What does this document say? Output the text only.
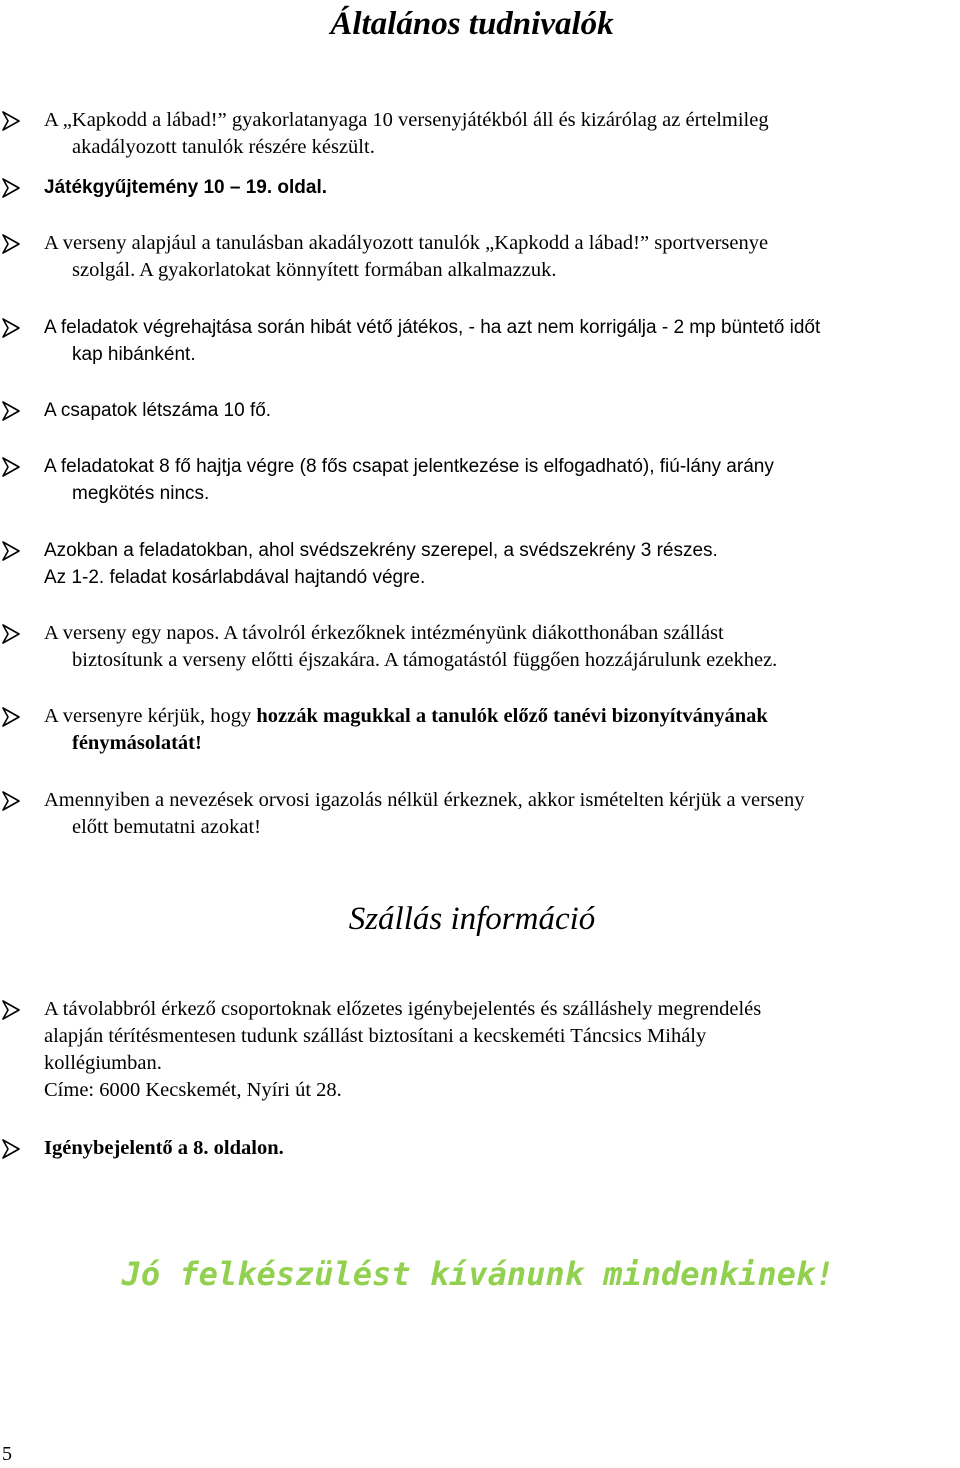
Általános tudnivalók

A „Kapkodd a lábad!” gyakorlatanyaga 10 versenyjátékból áll és kizárólag az értelmileg
akadályozott tanulók részére készült.

Játékgyűjtemény 10 – 19. oldal.

A verseny alapjául a tanulásban akadályozott tanulók „Kapkodd a lábad!” sportversenye
szolgál. A gyakorlatokat könnyített formában alkalmazzuk.

A feladatok végrehajtása során hibát vétő játékos, - ha azt nem korrigálja - 2 mp büntető időt
kap hibánként.

A csapatok létszáma 10 fő.

A feladatokat 8 fő hajtja végre (8 fős csapat jelentkezése is elfogadható), fiú-lány arány
megkötés nincs.

Azokban a feladatokban, ahol svédszekrény szerepel, a svédszekrény 3 részes.
Az 1-2. feladat kosárlabdával hajtandó végre.

A verseny egy napos. A távolról érkezőknek intézményünk diákotthonában szállást
biztosítunk a verseny előtti éjszakára. A támogatástól függően hozzájárulunk ezekhez.

A versenyre kérjük, hogy hozzák magukkal a tanulók előző tanévi bizonyítványának
fénymásolatát!

Amennyiben a nevezések orvosi igazolás nélkül érkeznek, akkor ismételten kérjük a verseny
előtt bemutatni azokat!

Szállás információ

A távolabbról érkező csoportoknak előzetes igénybejelentés és szálláshely megrendelés
alapján térítésmentesen tudunk szállást biztosítani a kecskeméti Táncsics Mihály
kollégiumban.
Címe: 6000 Kecskemét, Nyíri út 28.

Igénybejelentő a 8. oldalon.

Jó felkészülést kívánunk mindenkinek!

5
